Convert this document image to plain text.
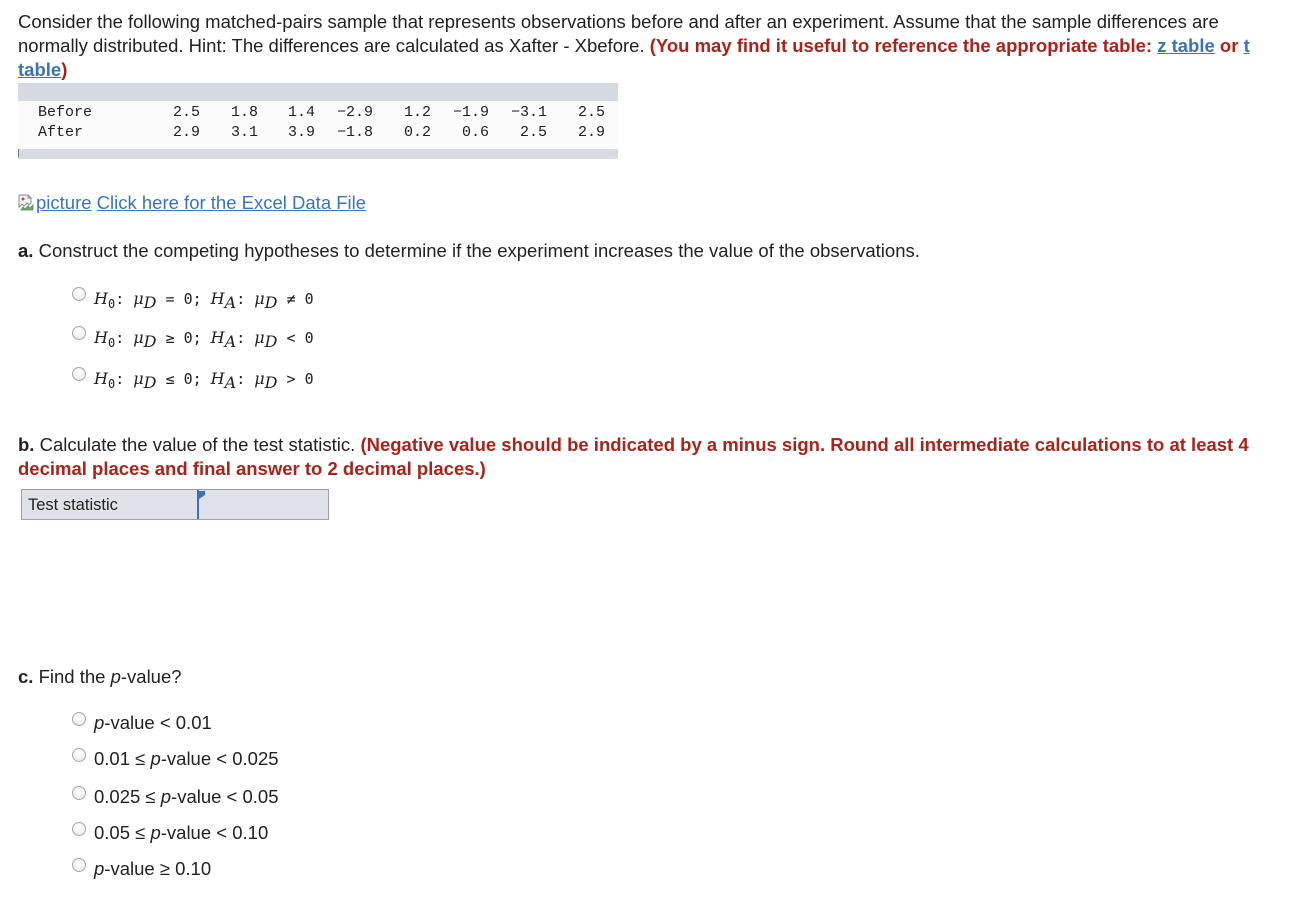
Consider the following matched-pairs sample that represents observations before and after an experiment. Assume that the sample differences are normally distributed. Hint: The differences are calculated as Xafter - Xbefore. (You may find it useful to reference the appropriate table: z table or t table)
Before	2.5	1.8	1.4	−2.9	1.2	−1.9	−3.1	2.5
After	2.9	3.1	3.9	−1.8	0.2	0.6	2.5	2.9
picture Click here for the Excel Data File
a. Construct the competing hypotheses to determine if the experiment increases the value of the observations.
$H_0$: $\mu_D = 0$; $H_A$: $\mu_D \ne 0$
$H_0$: $\mu_D \ge 0$; $H_A$: $\mu_D < 0$
$H_0$: $\mu_D \le 0$; $H_A$: $\mu_D > 0$
b. Calculate the value of the test statistic. (Negative value should be indicated by a minus sign. Round all intermediate calculations to at least 4 decimal places and final answer to 2 decimal places.)
Test statistic
c. Find the p-value?
p-value < 0.01
0.01 ≤ p-value < 0.025
0.025 ≤ p-value < 0.05
0.05 ≤ p-value < 0.10
p-value ≥ 0.10
